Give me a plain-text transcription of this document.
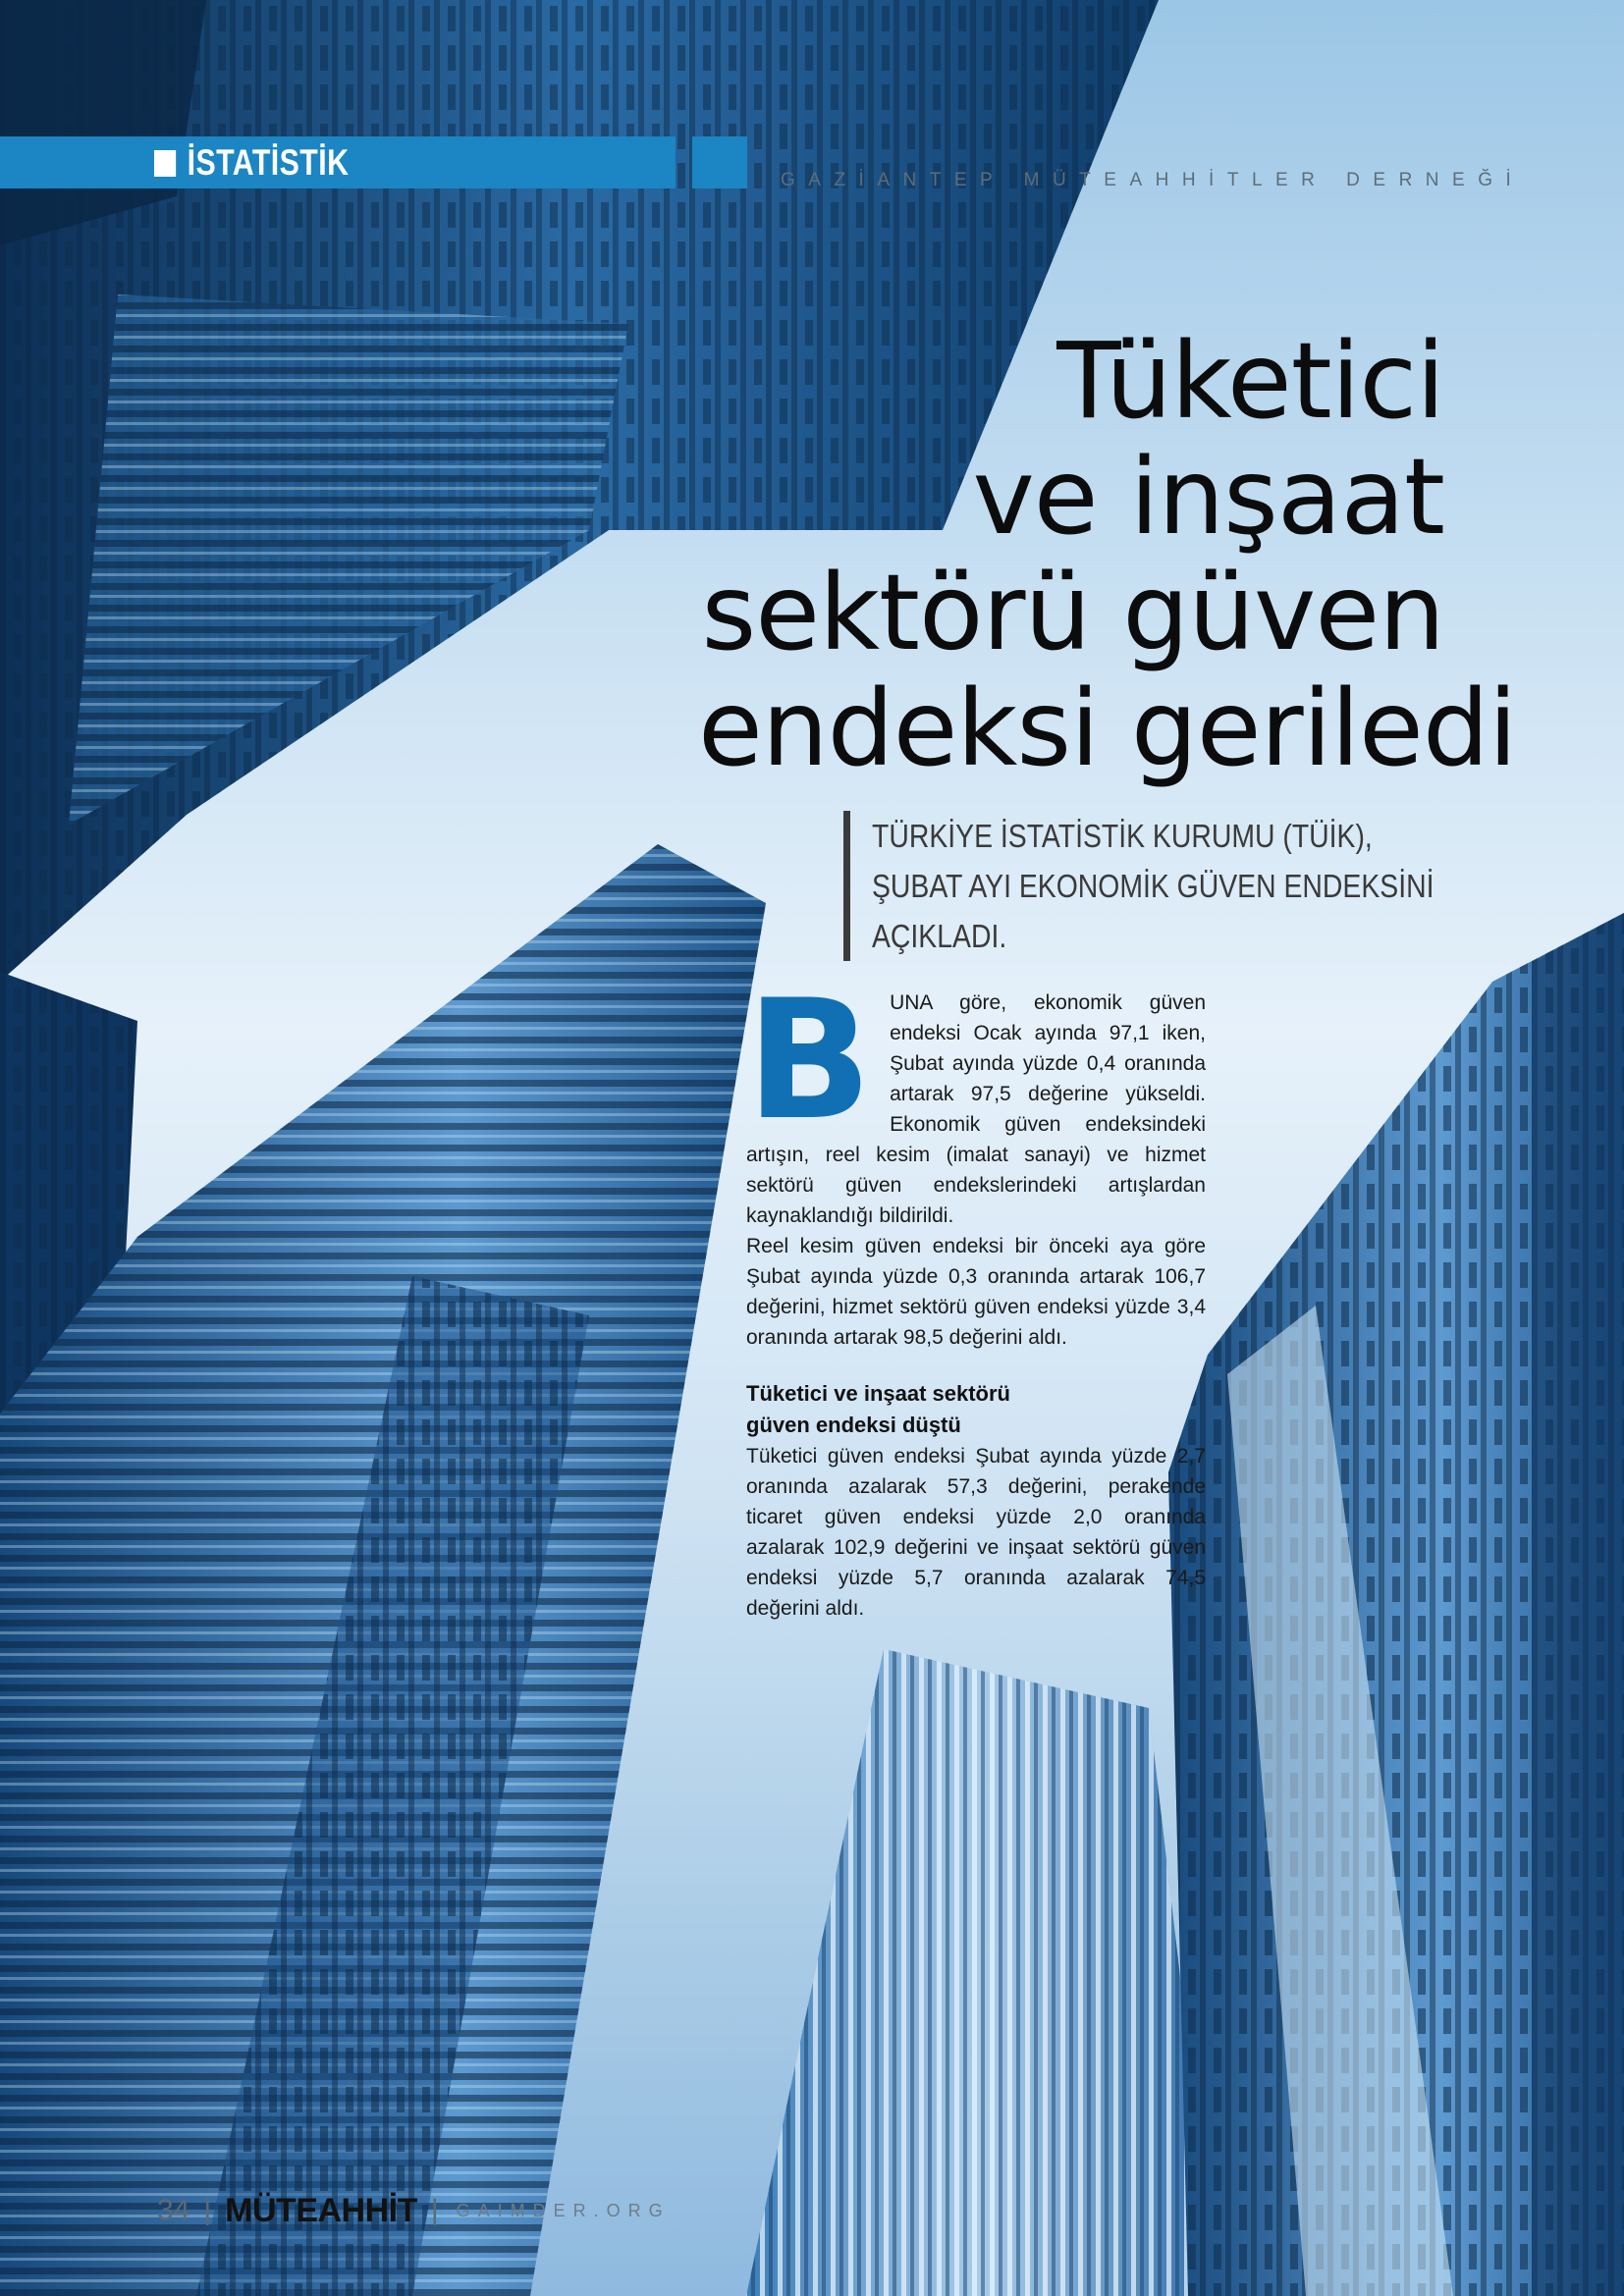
İSTATİSTİK	GAZİANTEP MÜTEAHHİTLER DERNEĞİ
Tüketici
ve inşaat
sektörü güven
endeksi geriledi
TÜRKİYE İSTATİSTİK KURUMU (TÜİK),
ŞUBAT AYI EKONOMİK GÜVEN ENDEKSİNİ
AÇIKLADI.
B UNA göre, ekonomik güven endeksi Ocak ayında 97,1 iken, Şubat ayında yüzde 0,4 oranında artarak 97,5 değerine yükseldi. Ekonomik güven endeksindeki artışın, reel kesim (imalat sanayi) ve hizmet sektörü güven endekslerindeki artışlardan kaynaklandığı bildirildi.

Reel kesim güven endeksi bir önceki aya göre Şubat ayında yüzde 0,3 oranında artarak 106,7 değerini, hizmet sektörü güven endeksi yüzde 3,4 oranında artarak 98,5 değerini aldı.

Tüketici ve inşaat sektörü
güven endeksi düştü

Tüketici güven endeksi Şubat ayında yüzde 2,7 oranında azalarak 57,3 değerini, perakende ticaret güven endeksi yüzde 2,0 oranında azalarak 102,9 değerini ve inşaat sektörü güven endeksi yüzde 5,7 oranında azalarak 74,5 değerini aldı.

34 | MÜTEAHHİT | GAIMDER.ORG
